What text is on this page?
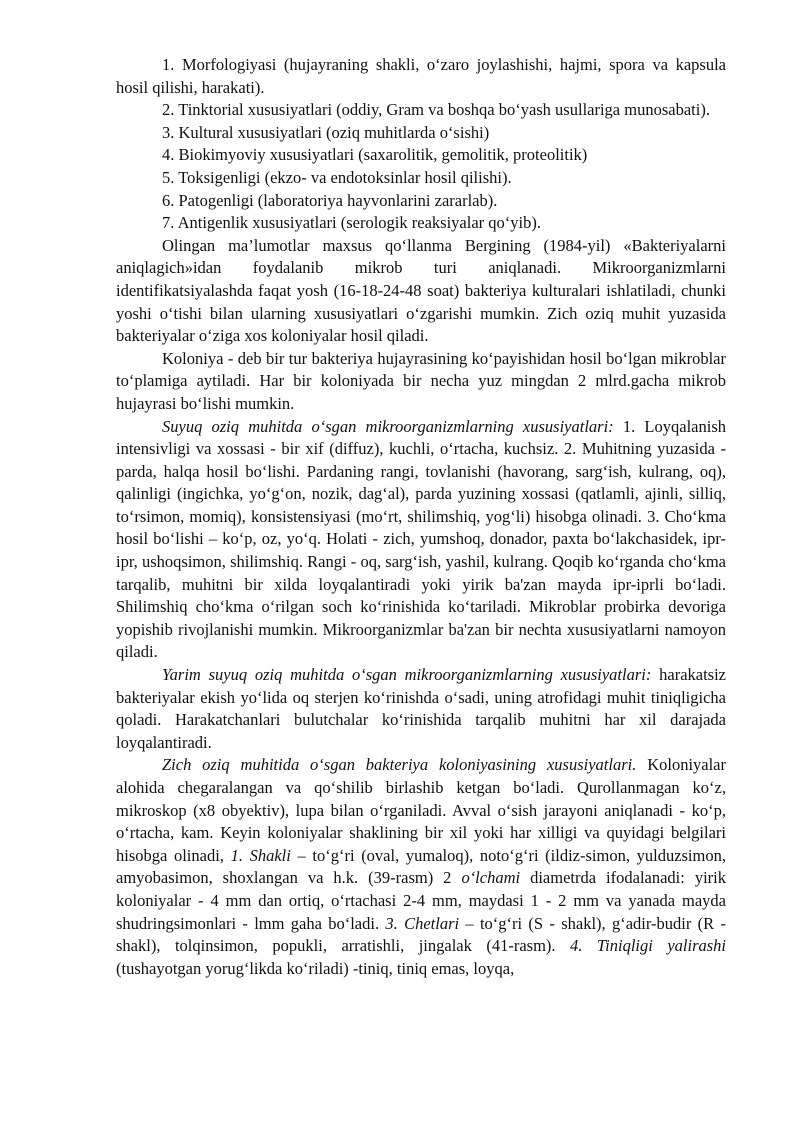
1. Morfologiyasi (hujayraning shakli, o‘zaro joylashishi, hajmi, spora va kapsula hosil qilishi, harakati).

2. Tinktorial xususiyatlari (oddiy, Gram va boshqa bo‘yash usullariga munosabati).

3. Kultural xususiyatlari (oziq muhitlarda o‘sishi)

4. Biokimyoviy xususiyatlari (saxarolitik, gemolitik, proteolitik)

5. Toksigenligi (ekzo- va endotoksinlar hosil qilishi).

6. Patogenligi (laboratoriya hayvonlarini zararlab).

7. Antigenlik xususiyatlari (serologik reaksiyalar qo‘yib).

Olingan ma’lumotlar maxsus qo‘llanma Bergining (1984-yil) «Bakteriyalarni aniqlagich»idan foydalanib mikrob turi aniqlanadi. Mikroorganizmlarni identifikatsiyalashda faqat yosh (16-18-24-48 soat) bakteriya kulturalari ishlatiladi, chunki yoshi o‘tishi bilan ularning xususiyatlari o‘zgarishi mumkin. Zich oziq muhit yuzasida bakteriyalar o‘ziga xos koloniyalar hosil qiladi.

Koloniya - deb bir tur bakteriya hujayrasining ko‘payishidan hosil bo‘lgan mikroblar to‘plamiga aytiladi. Har bir koloniyada bir necha yuz mingdan 2 mlrd.gacha mikrob hujayrasi bo‘lishi mumkin.

Suyuq oziq muhitda o‘sgan mikroorganizmlarning xususiyatlari: 1. Loyqalanish intensivligi va xossasi - bir xif (diffuz), kuchli, o‘rtacha, kuchsiz. 2. Muhitning yuzasida -parda, halqa hosil bo‘lishi. Pardaning rangi, tovlanishi (havorang, sarg‘ish, kulrang, oq), qalinligi (ingichka, yo‘g‘on, nozik, dag‘al), parda yuzining xossasi (qatlamli, ajinli, silliq, to‘rsimon, momiq), konsistensiyasi (mo‘rt, shilimshiq, yog‘li) hisobga olinadi. 3. Cho‘kma hosil bo‘lishi – ko‘p, oz, yo‘q. Holati - zich, yumshoq, donador, paxta bo‘lakchasidek, ipr-ipr, ushoqsimon, shilimshiq. Rangi - oq, sarg‘ish, yashil, kulrang. Qoqib ko‘rganda cho‘kma tarqalib, muhitni bir xilda loyqalantiradi yoki yirik ba'zan mayda ipr-iprli bo‘ladi. Shilimshiq cho‘kma o‘rilgan soch ko‘rinishida ko‘tariladi. Mikroblar probirka devoriga yopishib rivojlanishi mumkin. Mikroorganizmlar ba'zan bir nechta xususiyatlarni namoyon qiladi.

Yarim suyuq oziq muhitda o‘sgan mikroorganizmlarning xususiyatlari: harakatsiz bakteriyalar ekish yo‘lida oq sterjen ko‘rinishda o‘sadi, uning atrofidagi muhit tiniqligicha qoladi. Harakatchanlari bulutchalar ko‘rinishida tarqalib muhitni har xil darajada loyqalantiradi.

Zich oziq muhitida o‘sgan bakteriya koloniyasining xususiyatlari. Koloniyalar alohida chegaralangan va qo‘shilib birlashib ketgan bo‘ladi. Qurollanmagan ko‘z, mikroskop (x8 obyektiv), lupa bilan o‘rganiladi. Avval o‘sish jarayoni aniqlanadi - ko‘p, o‘rtacha, kam. Keyin koloniyalar shaklining bir xil yoki har xilligi va quyidagi belgilari hisobga olinadi, 1. Shakli – to‘g‘ri (oval, yumaloq), noto‘g‘ri (ildiz-simon, yulduzsimon, amyobasimon, shoxlangan va h.k. (39-rasm) 2 o‘lchami diametrda ifodalanadi: yirik koloniyalar - 4 mm dan ortiq, o‘rtachasi 2-4 mm, maydasi 1 - 2 mm va yanada mayda shudringsimonlari - lmm gaha bo‘ladi. 3. Chetlari – to‘g‘ri (S - shakl), g‘adir-budir (R - shakl), tolqinsimon, popukli, arratishli, jingalak (41-rasm). 4. Tiniqligi yalirashi (tushayotgan yorug‘likda ko‘riladi) -tiniq, tiniq emas, loyqa,
